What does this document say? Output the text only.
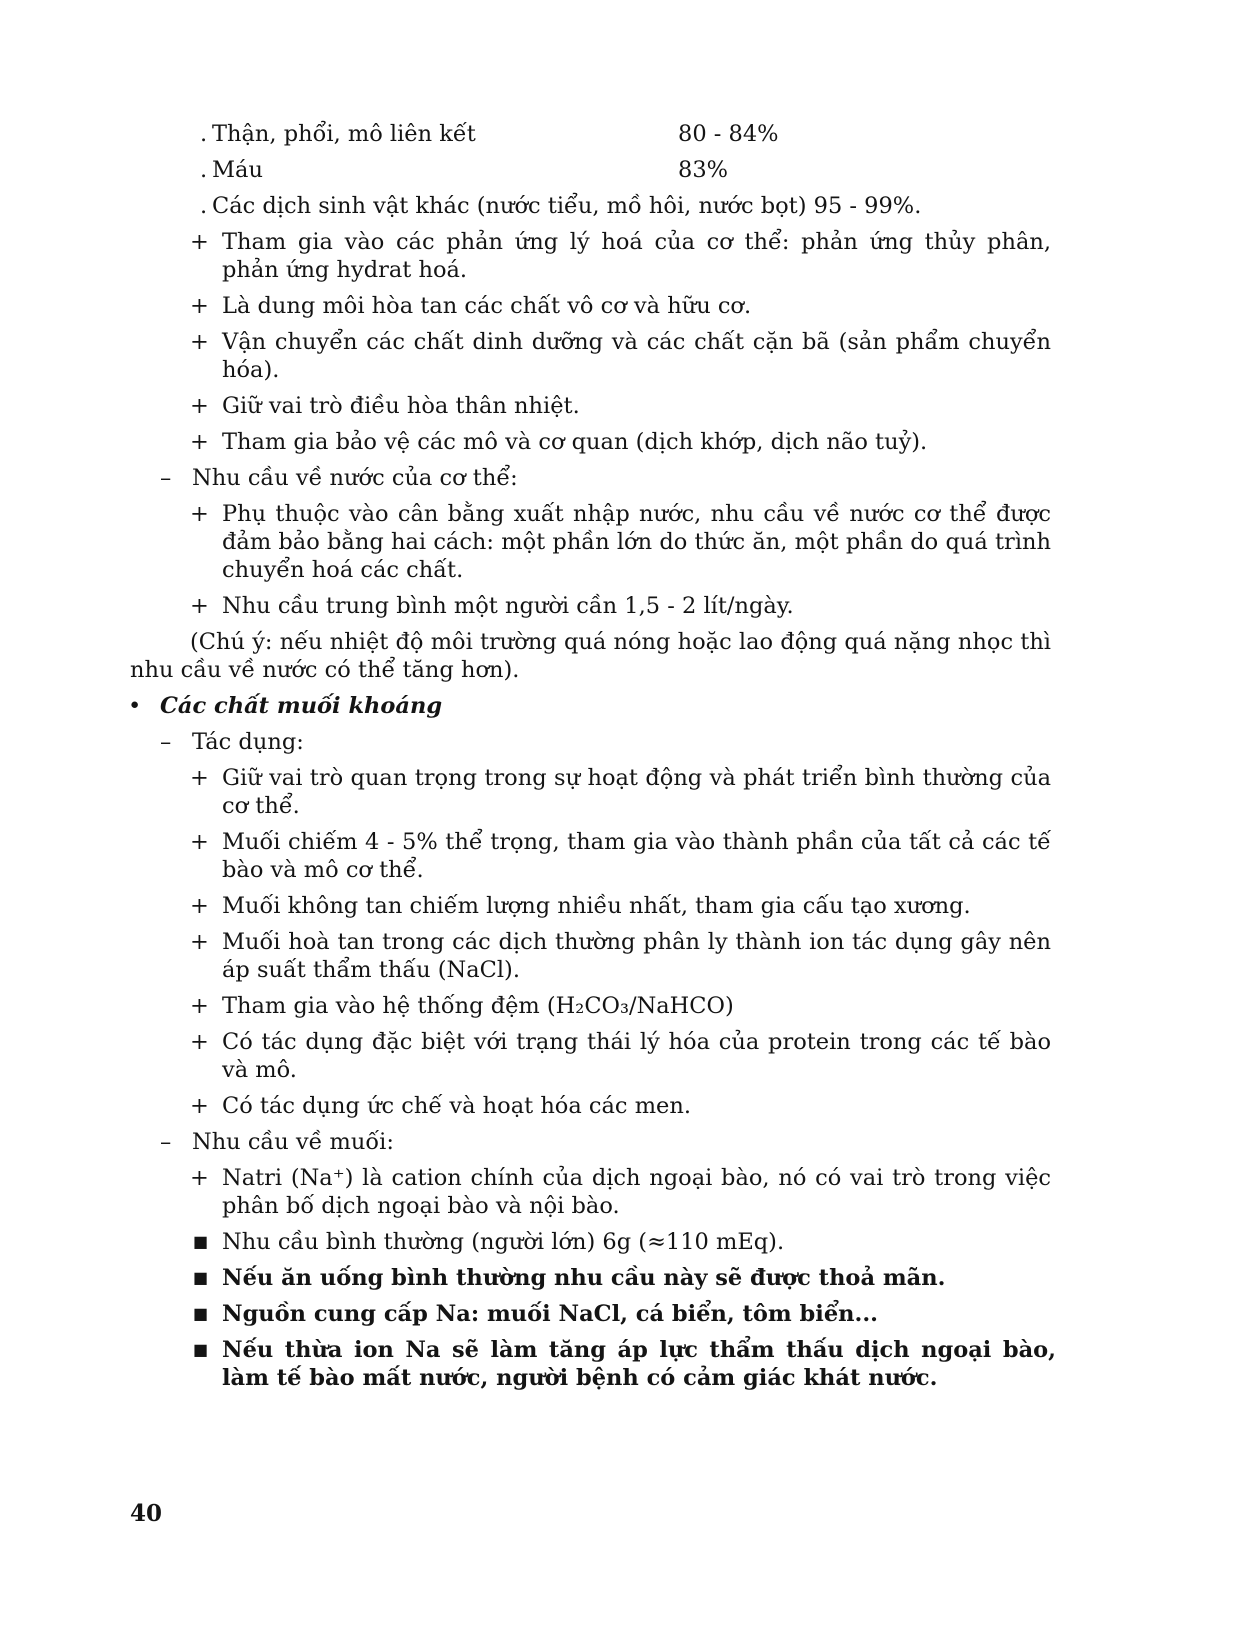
. Thận, phổi, mô liên kết	80 - 84%
. Máu	83%
. Các dịch sinh vật khác (nước tiểu, mồ hôi, nước bọt) 95 - 99%.
+ Tham gia vào các phản ứng lý hoá của cơ thể: phản ứng thủy phân, phản ứng hydrat hoá.
+ Là dung môi hòa tan các chất vô cơ và hữu cơ.
+ Vận chuyển các chất dinh dưỡng và các chất cặn bã (sản phẩm chuyển hóa).
+ Giữ vai trò điều hòa thân nhiệt.
+ Tham gia bảo vệ các mô và cơ quan (dịch khớp, dịch não tuỷ).
– Nhu cầu về nước của cơ thể:
+ Phụ thuộc vào cân bằng xuất nhập nước, nhu cầu về nước cơ thể được đảm bảo bằng hai cách: một phần lớn do thức ăn, một phần do quá trình chuyển hoá các chất.
+ Nhu cầu trung bình một người cần 1,5 - 2 lít/ngày.

(Chú ý: nếu nhiệt độ môi trường quá nóng hoặc lao động quá nặng nhọc thì nhu cầu về nước có thể tăng hơn).

• Các chất muối khoáng
– Tác dụng:
+ Giữ vai trò quan trọng trong sự hoạt động và phát triển bình thường của cơ thể.
+ Muối chiếm 4 - 5% thể trọng, tham gia vào thành phần của tất cả các tế bào và mô cơ thể.
+ Muối không tan chiếm lượng nhiều nhất, tham gia cấu tạo xương.
+ Muối hoà tan trong các dịch thường phân ly thành ion tác dụng gây nên áp suất thẩm thấu (NaCl).
+ Tham gia vào hệ thống đệm (H₂CO₃/NaHCO)
+ Có tác dụng đặc biệt với trạng thái lý hóa của protein trong các tế bào và mô.
+ Có tác dụng ức chế và hoạt hóa các men.
– Nhu cầu về muối:
+ Natri (Na⁺) là cation chính của dịch ngoại bào, nó có vai trò trong việc phân bố dịch ngoại bào và nội bào.
■ Nhu cầu bình thường (người lớn) 6g (≈110 mEq).
■ Nếu ăn uống bình thường nhu cầu này sẽ được thoả mãn.
■ Nguồn cung cấp Na: muối NaCl, cá biển, tôm biển...
■ Nếu thừa ion Na sẽ làm tăng áp lực thẩm thấu dịch ngoại bào, làm tế bào mất nước, người bệnh có cảm giác khát nước.
40
